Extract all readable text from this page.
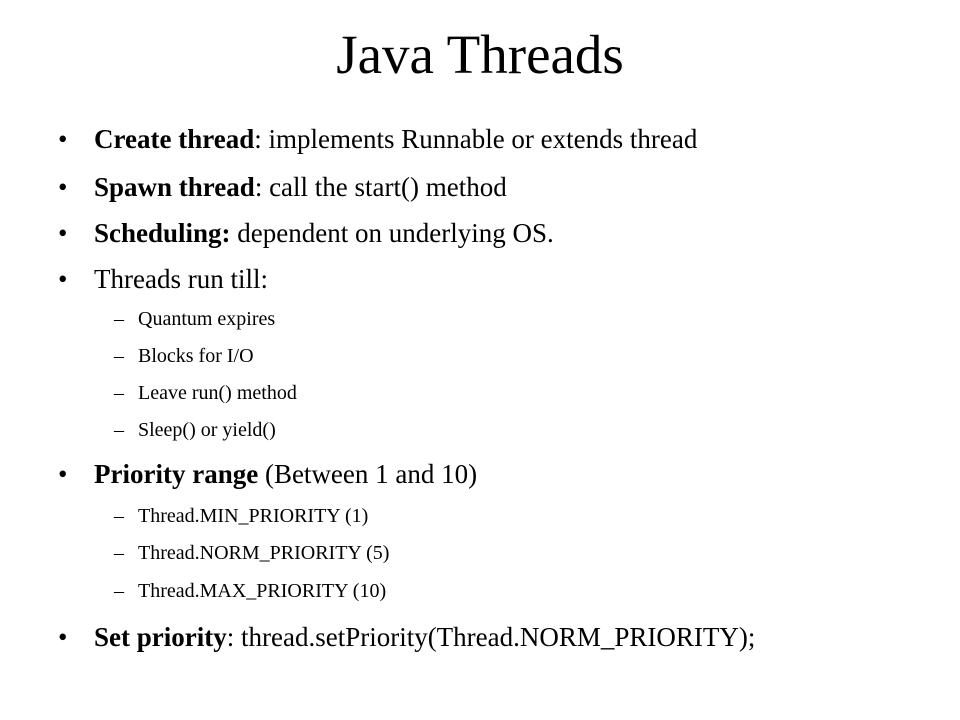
Java Threads
• Create thread: implements Runnable or extends thread
• Spawn thread: call the start() method
• Scheduling: dependent on underlying OS.
• Threads run till:
– Quantum expires
– Blocks for I/O
– Leave run() method
– Sleep() or yield()
• Priority range (Between 1 and 10)
– Thread.MIN_PRIORITY (1)
– Thread.NORM_PRIORITY (5)
– Thread.MAX_PRIORITY (10)
• Set priority: thread.setPriority(Thread.NORM_PRIORITY);
